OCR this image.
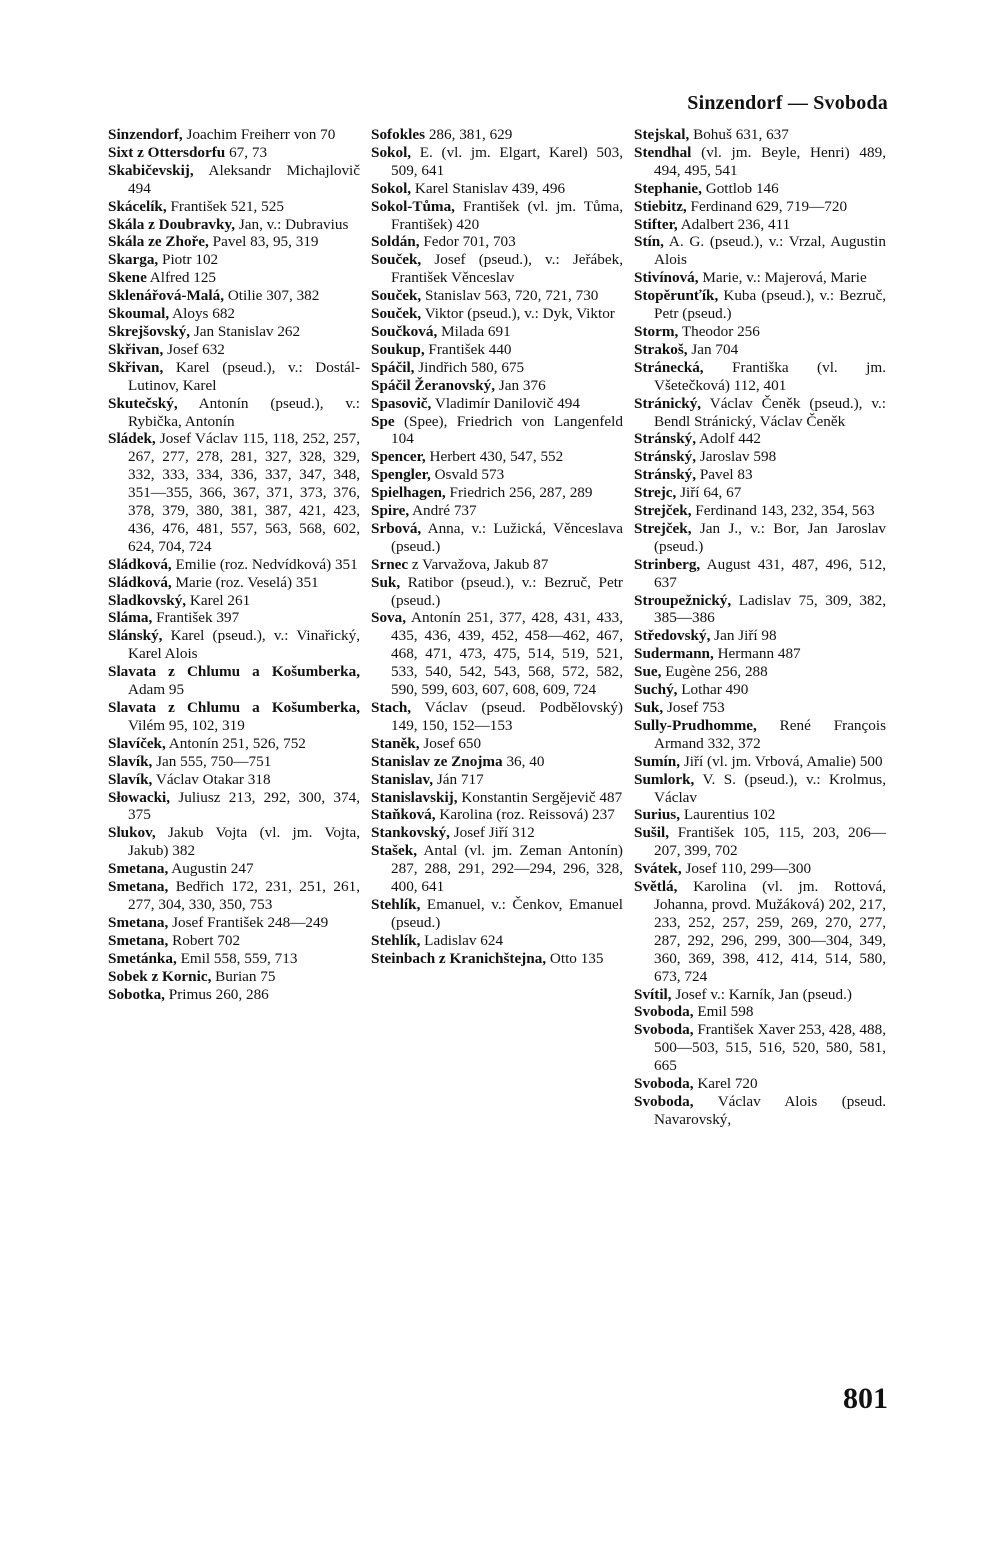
Sinzendorf — Svoboda

Sinzendorf, Joachim Freiherr von 70

Sixt z Ottersdorfu 67, 73

Skabičevskij, Aleksandr Michajlovič 494

Skácelík, František 521, 525

Skála z Doubravky, Jan, v.: Dubravius

Skála ze Zhoře, Pavel 83, 95, 319

Skarga, Piotr 102

Skene Alfred 125

Sklenářová-Malá, Otilie 307, 382

Skoumal, Aloys 682

Skrejšovský, Jan Stanislav 262

Skřivan, Josef 632

Skřivan, Karel (pseud.), v.: Dostál-Lutinov, Karel

Skutečský, Antonín (pseud.), v.: Rybička, Antonín

Sládek, Josef Václav 115, 118, 252, 257, 267, 277, 278, 281, 327, 328, 329, 332, 333, 334, 336, 337, 347, 348, 351—355, 366, 367, 371, 373, 376, 378, 379, 380, 381, 387, 421, 423, 436, 476, 481, 557, 563, 568, 602, 624, 704, 724

Sládková, Emilie (roz. Nedvídková) 351

Sládková, Marie (roz. Veselá) 351

Sladkovský, Karel 261

Sláma, František 397

Slánský, Karel (pseud.), v.: Vinařický, Karel Alois

Slavata z Chlumu a Košumberka, Adam 95

Slavata z Chlumu a Košumberka, Vilém 95, 102, 319

Slavíček, Antonín 251, 526, 752

Slavík, Jan 555, 750—751

Slavík, Václav Otakar 318

Słowacki, Juliusz 213, 292, 300, 374, 375

Slukov, Jakub Vojta (vl. jm. Vojta, Jakub) 382

Smetana, Augustin 247

Smetana, Bedřich 172, 231, 251, 261, 277, 304, 330, 350, 753

Smetana, Josef František 248—249

Smetana, Robert 702

Smetánka, Emil 558, 559, 713

Sobek z Kornic, Burian 75

Sobotka, Primus 260, 286

Sofokles 286, 381, 629

Sokol, E. (vl. jm. Elgart, Karel) 503, 509, 641

Sokol, Karel Stanislav 439, 496

Sokol-Tůma, František (vl. jm. Tůma, František) 420

Soldán, Fedor 701, 703

Souček, Josef (pseud.), v.: Jeřábek, František Věnceslav

Souček, Stanislav 563, 720, 721, 730

Souček, Viktor (pseud.), v.: Dyk, Viktor

Součková, Milada 691

Soukup, František 440

Spáčil, Jindřich 580, 675

Spáčil Žeranovský, Jan 376

Spasovič, Vladimír Danilovič 494

Spe (Spee), Friedrich von Langenfeld 104

Spencer, Herbert 430, 547, 552

Spengler, Osvald 573

Spielhagen, Friedrich 256, 287, 289

Spire, André 737

Srbová, Anna, v.: Lužická, Věnceslava (pseud.)

Srnec z Varvažova, Jakub 87

Suk, Ratibor (pseud.), v.: Bezruč, Petr (pseud.)

Sova, Antonín 251, 377, 428, 431, 433, 435, 436, 439, 452, 458—462, 467, 468, 471, 473, 475, 514, 519, 521, 533, 540, 542, 543, 568, 572, 582, 590, 599, 603, 607, 608, 609, 724

Stach, Václav (pseud. Podbělovský) 149, 150, 152—153

Staněk, Josef 650

Stanislav ze Znojma 36, 40

Stanislav, Ján 717

Stanislavskij, Konstantin Sergějevič 487

Staňková, Karolina (roz. Reissová) 237

Stankovský, Josef Jiří 312

Stašek, Antal (vl. jm. Zeman Antonín) 287, 288, 291, 292—294, 296, 328, 400, 641

Stehlík, Emanuel, v.: Čenkov, Emanuel (pseud.)

Stehlík, Ladislav 624

Steinbach z Kranichštejna, Otto 135

Stejskal, Bohuš 631, 637

Stendhal (vl. jm. Beyle, Henri) 489, 494, 495, 541

Stephanie, Gottlob 146

Stiebitz, Ferdinand 629, 719—720

Stifter, Adalbert 236, 411

Stín, A. G. (pseud.), v.: Vrzal, Augustin Alois

Stivínová, Marie, v.: Majerová, Marie

Stopěrunťík, Kuba (pseud.), v.: Bezruč, Petr (pseud.)

Storm, Theodor 256

Strakoš, Jan 704

Stránecká, Františka (vl. jm. Všetečková) 112, 401

Stránický, Václav Čeněk (pseud.), v.: Bendl Stránický, Václav Čeněk

Stránský, Adolf 442

Stránský, Jaroslav 598

Stránský, Pavel 83

Strejc, Jiří 64, 67

Strejček, Ferdinand 143, 232, 354, 563

Strejček, Jan J., v.: Bor, Jan Jaroslav (pseud.)

Strinberg, August 431, 487, 496, 512, 637

Stroupežnický, Ladislav 75, 309, 382, 385—386

Středovský, Jan Jiří 98

Sudermann, Hermann 487

Sue, Eugène 256, 288

Suchý, Lothar 490

Suk, Josef 753

Sully-Prudhomme, René François Armand 332, 372

Sumín, Jiří (vl. jm. Vrbová, Amalie) 500

Sumlork, V. S. (pseud.), v.: Krolmus, Václav

Surius, Laurentius 102

Sušil, František 105, 115, 203, 206—207, 399, 702

Svátek, Josef 110, 299—300

Světlá, Karolina (vl. jm. Rottová, Johanna, provd. Mužáková) 202, 217, 233, 252, 257, 259, 269, 270, 277, 287, 292, 296, 299, 300—304, 349, 360, 369, 398, 412, 414, 514, 580, 673, 724

Svítil, Josef v.: Karník, Jan (pseud.)

Svoboda, Emil 598

Svoboda, František Xaver 253, 428, 488, 500—503, 515, 516, 520, 580, 581, 665

Svoboda, Karel 720

Svoboda, Václav Alois (pseud. Navarovský,

801
